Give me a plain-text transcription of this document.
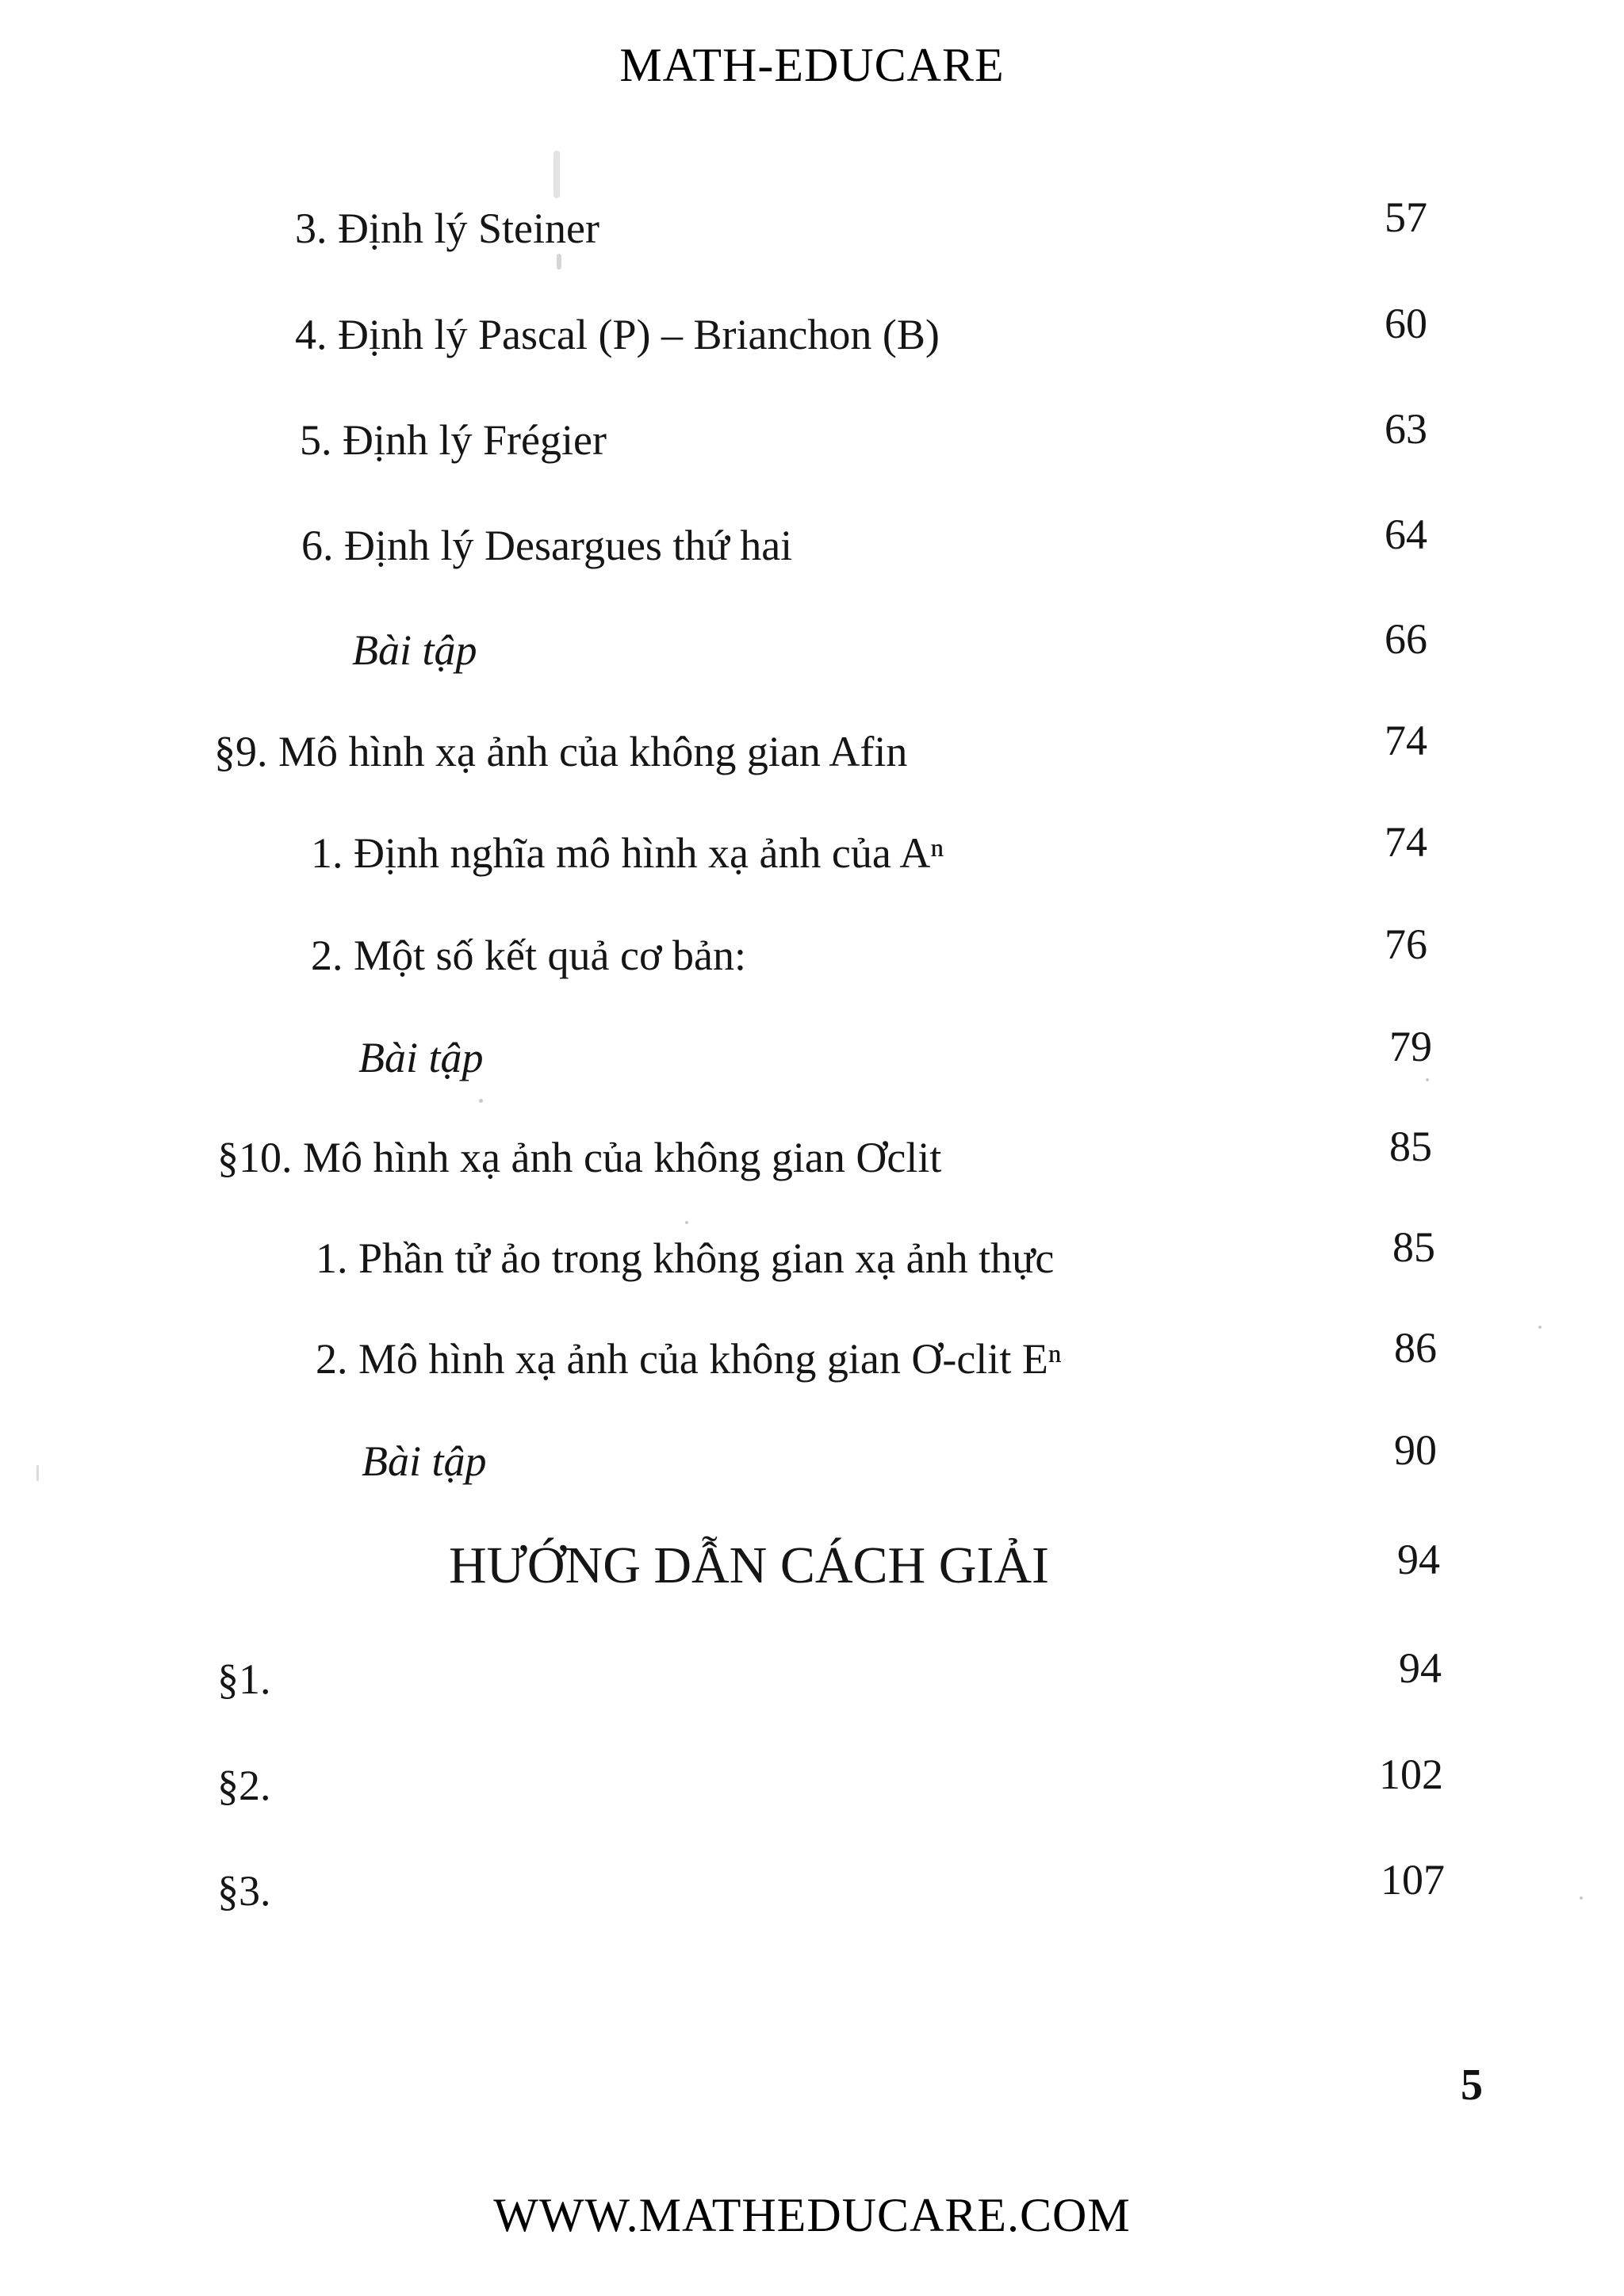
MATH-EDUCARE
3. Định lý Steiner	57
4. Định lý Pascal (P) – Brianchon (B)	60
5. Định lý Frégier	63
6. Định lý Desargues thứ hai	64
Bài tập	66
§9. Mô hình xạ ảnh của không gian Afin	74
1. Định nghĩa mô hình xạ ảnh của Aⁿ	74
2. Một số kết quả cơ bản:	76
Bài tập	79
§10. Mô hình xạ ảnh của không gian Ơclit	85
1. Phần tử ảo trong không gian xạ ảnh thực	85
2. Mô hình xạ ảnh của không gian Ơ-clit Eⁿ	86
Bài tập	90
HƯỚNG DẪN CÁCH GIẢI	94
§1.	94
§2.	102
§3.	107
5
WWW.MATHEDUCARE.COM
